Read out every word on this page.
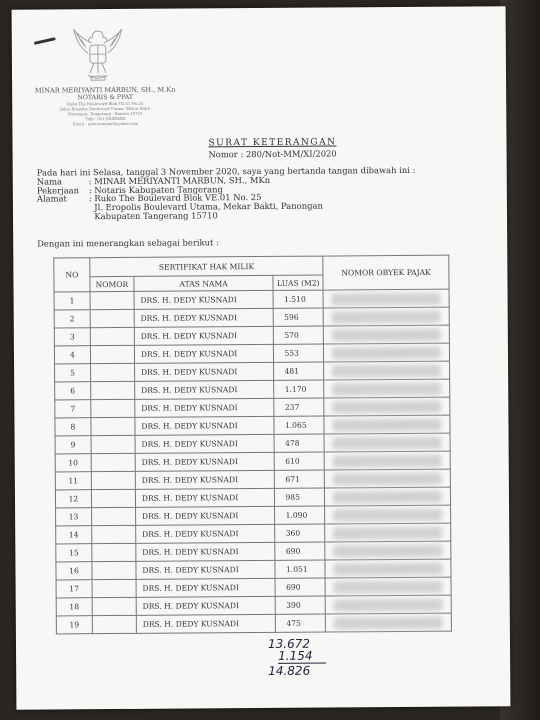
MINAR MERIYANTI MARBUN, SH., M.Kn
NOTARIS & PPAT
Ruko The Boulevard Blok VE.01 No.25
Jalan Eropolis Boulevard Utama, Mekar Bakti
Panongan, Tangerang - Banten 15710
Telp : 021-XXXXXXX
Email : notarisminar@yahoo.com
SURAT KETERANGAN
Nomor : 280/Not-MM/XI/2020
Pada hari ini Selasa, tanggal 3 November 2020, saya yang bertanda tangan dibawah ini :
Nama	: MINAR MERIYANTI MARBUN, SH., MKn
Pekerjaan	: Notaris Kabupaten Tangerang
Alamat	: Ruko The Boulevard Blok VE.01 No. 25
Jl. Eropolis Boulevard Utama, Mekar Bakti, Panongan
Kabupaten Tangerang 15710
Dengan ini menerangkan sebagai berikut :
NO	SERTIFIKAT HAK MILIK			NOMOR OBYEK PAJAK
	NOMOR	ATAS NAMA	LUAS (M2)	
1		DRS. H. DEDY KUSNADI	1.510	

2		DRS. H. DEDY KUSNADI	596	

3		DRS. H. DEDY KUSNADI	570	

4		DRS. H. DEDY KUSNADI	553	

5		DRS. H. DEDY KUSNADI	481	

6		DRS. H. DEDY KUSNADI	1.170	

7		DRS. H. DEDY KUSNADI	237	

8		DRS. H. DEDY KUSNADI	1.065	

9		DRS. H. DEDY KUSNADI	478	

10		DRS. H. DEDY KUSNADI	610	

11		DRS. H. DEDY KUSNADI	671	

12		DRS. H. DEDY KUSNADI	985	

13		DRS. H. DEDY KUSNADI	1.090	

14		DRS. H. DEDY KUSNADI	360	

15		DRS. H. DEDY KUSNADI	690	

16		DRS. H. DEDY KUSNADI	1.051	

17		DRS. H. DEDY KUSNADI	690	

18		DRS. H. DEDY KUSNADI	390	

19		DRS. H. DEDY KUSNADI	475	
13.672
1.154
14.826
